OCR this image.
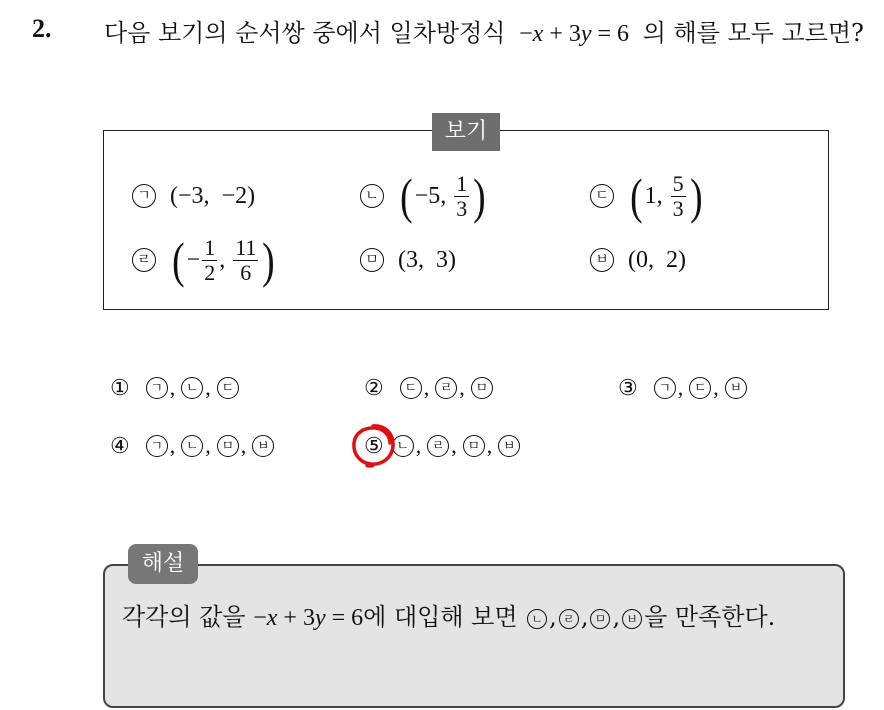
2. 다음 보기의 순서쌍 중에서 일차방정식  −x + 3y = 6  의 해를 모두 고르면?
보기
ㄱ ( −3 , −2 )	ㄴ ( −5 , $\frac{1}{3}$ )	ㄷ ( 1 , $\frac{5}{3}$ )
ㄹ ( − $\frac{1}{2}$ , $\frac{11}{6}$ )	ㅁ ( 3 , 3 )	ㅂ ( 0 , 2 )
①	ㄱ , ㄴ , ㄷ	②	ㄷ , ㄹ , ㅁ	③	ㄱ , ㄷ , ㅂ
④	ㄱ , ㄴ , ㅁ , ㅂ	⑤ ㄴ , ㄹ , ㅁ , ㅂ
해설
각각의 값을 −x + 3y = 6에 대입해 보면 ㄴ , ㄹ , ㅁ , ㅂ 을 만족한다.
